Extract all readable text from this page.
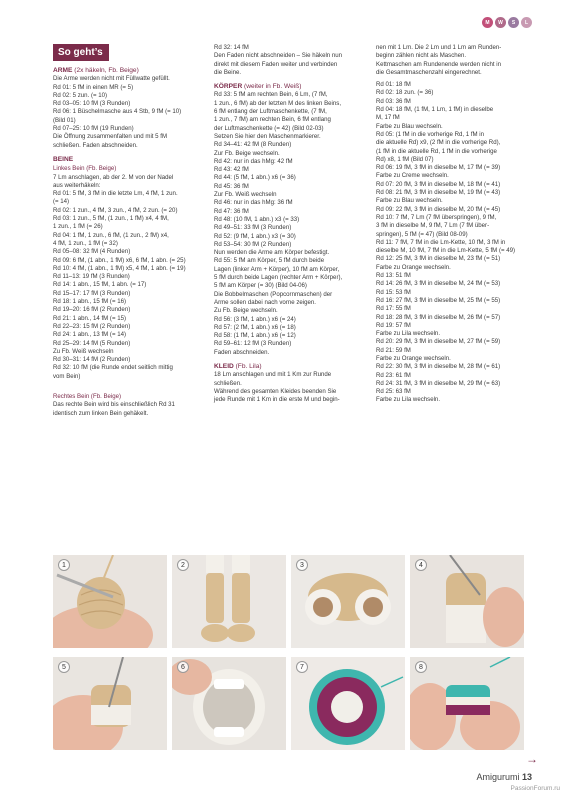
M	W	S	L
So geht’s
ARME (2x häkeln, Fb. Beige)
Die Arme werden nicht mit Füllwatte gefüllt.
Rd 01: 5 fM in einen MR (= 5)
Rd 02: 5 zun. (= 10)
Rd 03–05: 10 fM (3 Runden)
Rd 06: 1 Büschelmasche aus 4 Stb, 9 fM (= 10)
(Bild 01)
Rd 07–25: 10 fM (19 Runden)
Die Öffnung zusammenfalten und mit 5 fM
schließen. Faden abschneiden.
BEINE
Linkes Bein (Fb. Beige)
7 Lm anschlagen, ab der 2. M von der Nadel
aus weiterhäkeln:
Rd 01: 5 fM, 3 fM in die letzte Lm, 4 fM, 1 zun.
(= 14)
Rd 02: 1 zun., 4 fM, 3 zun., 4 fM, 2 zun. (= 20)
Rd 03: 1 zun., 5 fM, (1 zun., 1 fM) x4, 4 fM,
1 zun., 1 fM (= 26)
Rd 04: 1 fM, 1 zun., 6 fM, (1 zun., 2 fM) x4,
4 fM, 1 zun., 1 fM (= 32)
Rd 05–08: 32 fM (4 Runden)
Rd 09: 6 fM, (1 abn., 1 fM) x6, 6 fM, 1 abn. (= 25)
Rd 10: 4 fM, (1 abn., 1 fM) x5, 4 fM, 1 abn. (= 19)
Rd 11–13: 19 fM (3 Runden)
Rd 14: 1 abn., 15 fM, 1 abn. (= 17)
Rd 15–17: 17 fM (3 Runden)
Rd 18: 1 abn., 15 fM (= 16)
Rd 19–20: 16 fM (2 Runden)
Rd 21: 1 abn., 14 fM (= 15)
Rd 22–23: 15 fM (2 Runden)
Rd 24: 1 abn., 13 fM (= 14)
Rd 25–29: 14 fM (5 Runden)
Zu Fb. Weiß wechseln
Rd 30–31: 14 fM (2 Runden)
Rd 32: 10 fM (die Runde endet seitlich mittig
vom Bein)
Rechtes Bein (Fb. Beige)
Das rechte Bein wird bis einschließlich Rd 31
identisch zum linken Bein gehäkelt.
Rd 32: 14 fM
Den Faden nicht abschneiden – Sie häkeln nun
direkt mit diesem Faden weiter und verbinden
die Beine.
KÖRPER (weiter in Fb. Weiß)
Rd 33: 5 fM am rechten Bein, 6 Lm, (7 fM,
1 zun., 6 fM) ab der letzten M des linken Beins,
6 fM entlang der Luftmaschenkette, (7 fM,
1 zun., 7 fM) am rechten Bein, 6 fM entlang
der Luftmaschenkette (= 42) (Bild 02-03)
Setzen Sie hier den Maschenmarkierer.
Rd 34–41: 42 fM (8 Runden)
Zur Fb. Beige wechseln.
Rd 42: nur in das hMg: 42 fM
Rd 43: 42 fM
Rd 44: (5 fM, 1 abn.) x6 (= 36)
Rd 45: 36 fM
Zur Fb. Weiß wechseln
Rd 46: nur in das hMg: 36 fM
Rd 47: 36 fM
Rd 48: (10 fM, 1 abn.) x3 (= 33)
Rd 49–51: 33 fM (3 Runden)
Rd 52: (9 fM, 1 abn.) x3 (= 30)
Rd 53–54: 30 fM (2 Runden)
Nun werden die Arme am Körper befestigt.
Rd 55: 5 fM am Körper, 5 fM durch beide
Lagen (linker Arm + Körper), 10 fM am Körper,
5 fM durch beide Lagen (rechter Arm + Körper),
5 fM am Körper (= 30) (Bild 04-06)
Die Bobbelmaschen (Popcornmaschen) der
Arme sollen dabei nach vorne zeigen.
Zu Fb. Beige wechseln.
Rd 56: (3 fM, 1 abn.) x6 (= 24)
Rd 57: (2 fM, 1 abn.) x6 (= 18)
Rd 58: (1 fM, 1 abn.) x6 (= 12)
Rd 59–61: 12 fM (3 Runden)
Faden abschneiden.
KLEID (Fb. Lila)
18 Lm anschlagen und mit 1 Km zur Runde
schließen.
Während des gesamten Kleides beenden Sie
jede Runde mit 1 Km in die erste M und begin-
nen mit 1 Lm. Die 2 Lm und 1 Lm am Runden-
beginn zählen nicht als Maschen.
Kettmaschen am Rundenende werden nicht in
die Gesamtmaschenzahl eingerechnet.
Rd 01: 18 fM
Rd 02: 18 zun. (= 36)
Rd 03: 36 fM
Rd 04: 18 fM, (1 fM, 1 Lm, 1 fM) in dieselbe
M, 17 fM
Farbe zu Blau wechseln.
Rd 05: (1 fM in die vorherige Rd, 1 fM in
die aktuelle Rd) x9, (2 fM in die vorherige Rd),
(1 fM in die aktuelle Rd, 1 fM in die vorherige
Rd) x8, 1 fM (Bild 07)
Rd 06: 19 fM, 3 fM in dieselbe M, 17 fM (= 39)
Farbe zu Creme wechseln.
Rd 07: 20 fM, 3 fM in dieselbe M, 18 fM (= 41)
Rd 08: 21 fM, 3 fM in dieselbe M, 19 fM (= 43)
Farbe zu Blau wechseln.
Rd 09: 22 fM, 3 fM in dieselbe M, 20 fM (= 45)
Rd 10: 7 fM, 7 Lm (7 fM überspringen), 9 fM,
3 fM in dieselbe M, 9 fM, 7 Lm (7 fM über-
springen), 5 fM (= 47) (Bild 08-09)
Rd 11: 7 fM, 7 fM in die Lm-Kette, 10 fM, 3 fM in
dieselbe M, 10 fM, 7 fM in die Lm-Kette, 5 fM (= 49)
Rd 12: 25 fM, 3 fM in dieselbe M, 23 fM (= 51)
Farbe zu Orange wechseln.
Rd 13: 51 fM
Rd 14: 26 fM, 3 fM in dieselbe M, 24 fM (= 53)
Rd 15: 53 fM
Rd 16: 27 fM, 3 fM in dieselbe M, 25 fM (= 55)
Rd 17: 55 fM
Rd 18: 28 fM, 3 fM in dieselbe M, 26 fM (= 57)
Rd 19: 57 fM
Farbe zu Lila wechseln.
Rd 20: 29 fM, 3 fM in dieselbe M, 27 fM (= 59)
Rd 21: 59 fM
Farbe zu Orange wechseln.
Rd 22: 30 fM, 3 fM in dieselbe M, 28 fM (= 61)
Rd 23: 61 fM
Rd 24: 31 fM, 3 fM in dieselbe M, 29 fM (= 63)
Rd 25: 63 fM
Farbe zu Lila wechseln.
1	2	3	4
5	6	7	8
→
Amigurumi 13
PassionForum.ru
